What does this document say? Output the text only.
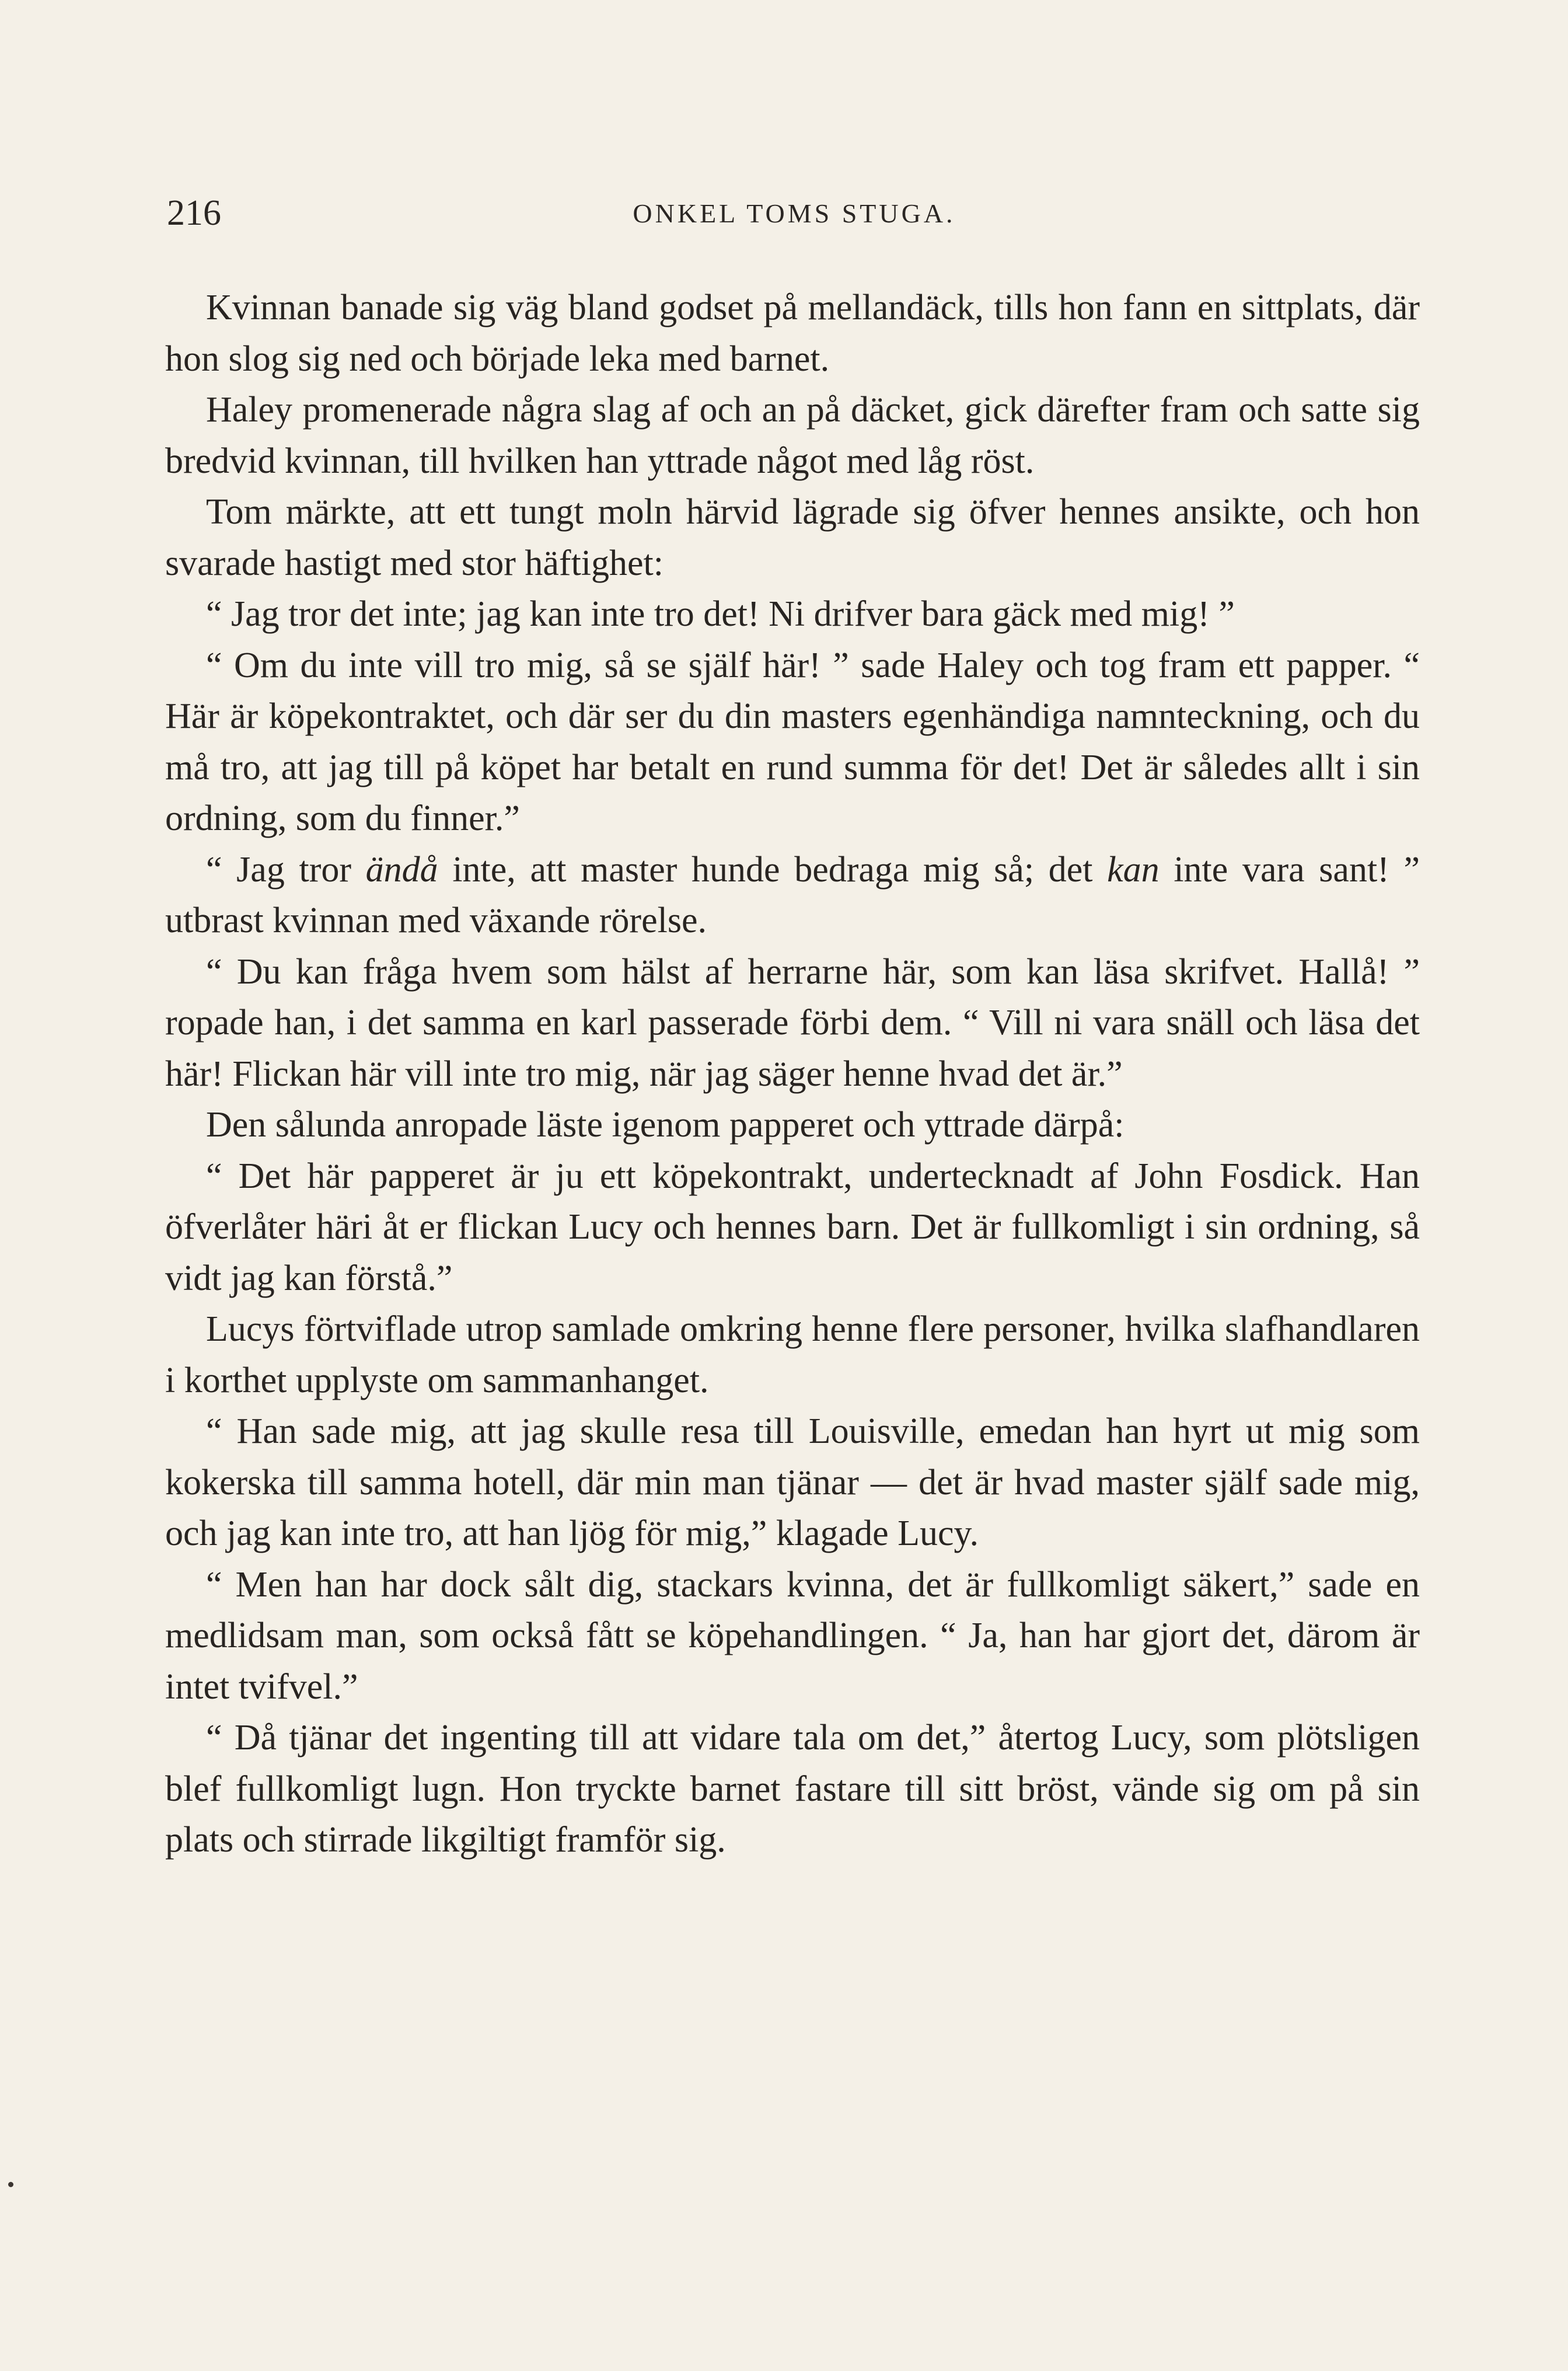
216	ONKEL TOMS STUGA.

Kvinnan banade sig väg bland godset på mellandäck, tills hon fann en sittplats, där hon slog sig ned och började leka med barnet.

Haley promenerade några slag af och an på däcket, gick därefter fram och satte sig bredvid kvinnan, till hvilken han yttrade något med låg röst.

Tom märkte, att ett tungt moln härvid lägrade sig öfver hennes ansikte, och hon svarade hastigt med stor häftighet:

“ Jag tror det inte; jag kan inte tro det! Ni drifver bara gäck med mig! ”

“ Om du inte vill tro mig, så se själf här! ” sade Haley och tog fram ett papper. “ Här är köpekontraktet, och där ser du din masters egenhändiga namnteckning, och du må tro, att jag till på köpet har betalt en rund summa för det! Det är således allt i sin ordning, som du finner.”

“ Jag tror ändå inte, att master hunde bedraga mig så; det kan inte vara sant! ” utbrast kvinnan med växande rörelse.

“ Du kan fråga hvem som hälst af herrarne här, som kan läsa skrifvet. Hallå! ” ropade han, i det samma en karl passerade förbi dem. “ Vill ni vara snäll och läsa det här! Flickan här vill inte tro mig, när jag säger henne hvad det är.”

Den sålunda anropade läste igenom papperet och yttrade därpå:

“ Det här papperet är ju ett köpekontrakt, undertecknadt af John Fosdick. Han öfverlåter häri åt er flickan Lucy och hennes barn. Det är fullkomligt i sin ordning, så vidt jag kan förstå.”

Lucys förtviflade utrop samlade omkring henne flere personer, hvilka slafhandlaren i korthet upplyste om sammanhanget.

“ Han sade mig, att jag skulle resa till Louisville, emedan han hyrt ut mig som kokerska till samma hotell, där min man tjänar — det är hvad master själf sade mig, och jag kan inte tro, att han ljög för mig,” klagade Lucy.

“ Men han har dock sålt dig, stackars kvinna, det är fullkomligt säkert,” sade en medlidsam man, som också fått se köpehandlingen. “ Ja, han har gjort det, därom är intet tvifvel.”

“ Då tjänar det ingenting till att vidare tala om det,” återtog Lucy, som plötsligen blef fullkomligt lugn. Hon tryckte barnet fastare till sitt bröst, vände sig om på sin plats och stirrade likgiltigt framför sig.
